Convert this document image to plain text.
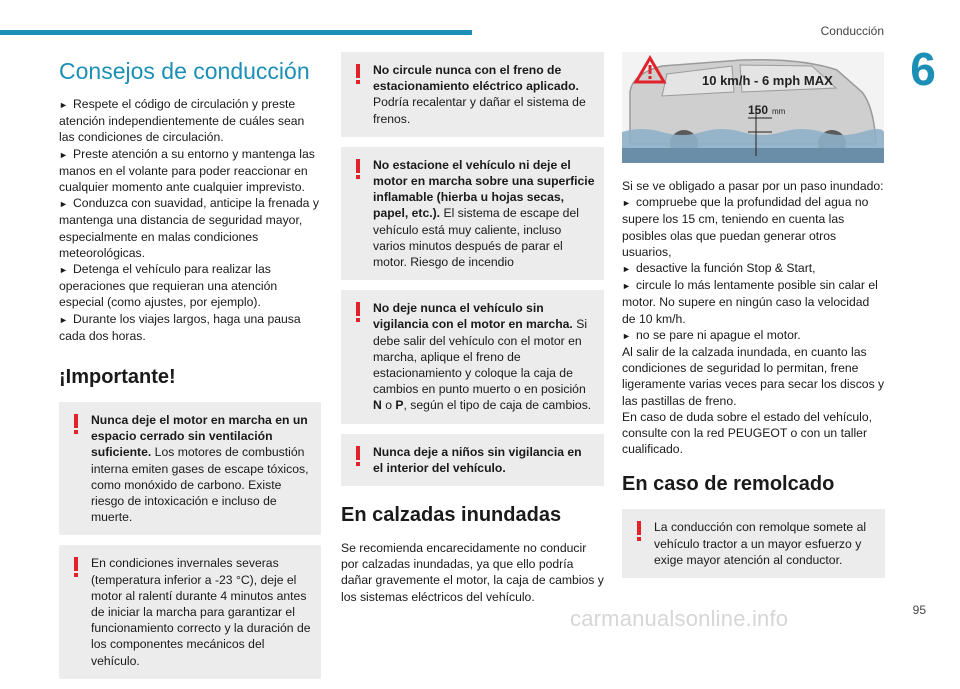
Conducción
6
Consejos de conducción
► Respete el código de circulación y preste atención independientemente de cuáles sean las condiciones de circulación.
► Preste atención a su entorno y mantenga las manos en el volante para poder reaccionar en cualquier momento ante cualquier imprevisto.
► Conduzca con suavidad, anticipe la frenada y mantenga una distancia de seguridad mayor, especialmente en malas condiciones meteorológicas.
► Detenga el vehículo para realizar las operaciones que requieran una atención especial (como ajustes, por ejemplo).
► Durante los viajes largos, haga una pausa cada dos horas.
¡Importante!
Nunca deje el motor en marcha en un espacio cerrado sin ventilación suficiente. Los motores de combustión interna emiten gases de escape tóxicos, como monóxido de carbono. Existe riesgo de intoxicación e incluso de muerte.
En condiciones invernales severas (temperatura inferior a -23 °C), deje el motor al ralentí durante 4 minutos antes de iniciar la marcha para garantizar el funcionamiento correcto y la duración de los componentes mecánicos del vehículo.
No circule nunca con el freno de estacionamiento eléctrico aplicado. Podría recalentar y dañar el sistema de frenos.
No estacione el vehículo ni deje el motor en marcha sobre una superficie inflamable (hierba u hojas secas, papel, etc.). El sistema de escape del vehículo está muy caliente, incluso varios minutos después de parar el motor. Riesgo de incendio
No deje nunca el vehículo sin vigilancia con el motor en marcha. Si debe salir del vehículo con el motor en marcha, aplique el freno de estacionamiento y coloque la caja de cambios en punto muerto o en posición N o P, según el tipo de caja de cambios.
Nunca deje a niños sin vigilancia en el interior del vehículo.
En calzadas inundadas

Se recomienda encarecidamente no conducir por calzadas inundadas, ya que ello podría dañar gravemente el motor, la caja de cambios y los sistemas eléctricos del vehículo.

10 km/h - 6 mph MAX
150 mm

Si se ve obligado a pasar por un paso inundado:

► compruebe que la profundidad del agua no supere los 15 cm, teniendo en cuenta las posibles olas que puedan generar otros usuarios,
► desactive la función Stop & Start,
► circule lo más lentamente posible sin calar el motor. No supere en ningún caso la velocidad de 10 km/h.
► no se pare ni apague el motor.

Al salir de la calzada inundada, en cuanto las condiciones de seguridad lo permitan, frene ligeramente varias veces para secar los discos y las pastillas de freno.

En caso de duda sobre el estado del vehículo, consulte con la red PEUGEOT o con un taller cualificado.

En caso de remolcado
La conducción con remolque somete al vehículo tractor a un mayor esfuerzo y exige mayor atención al conductor.
carmanualsonline.info	95
